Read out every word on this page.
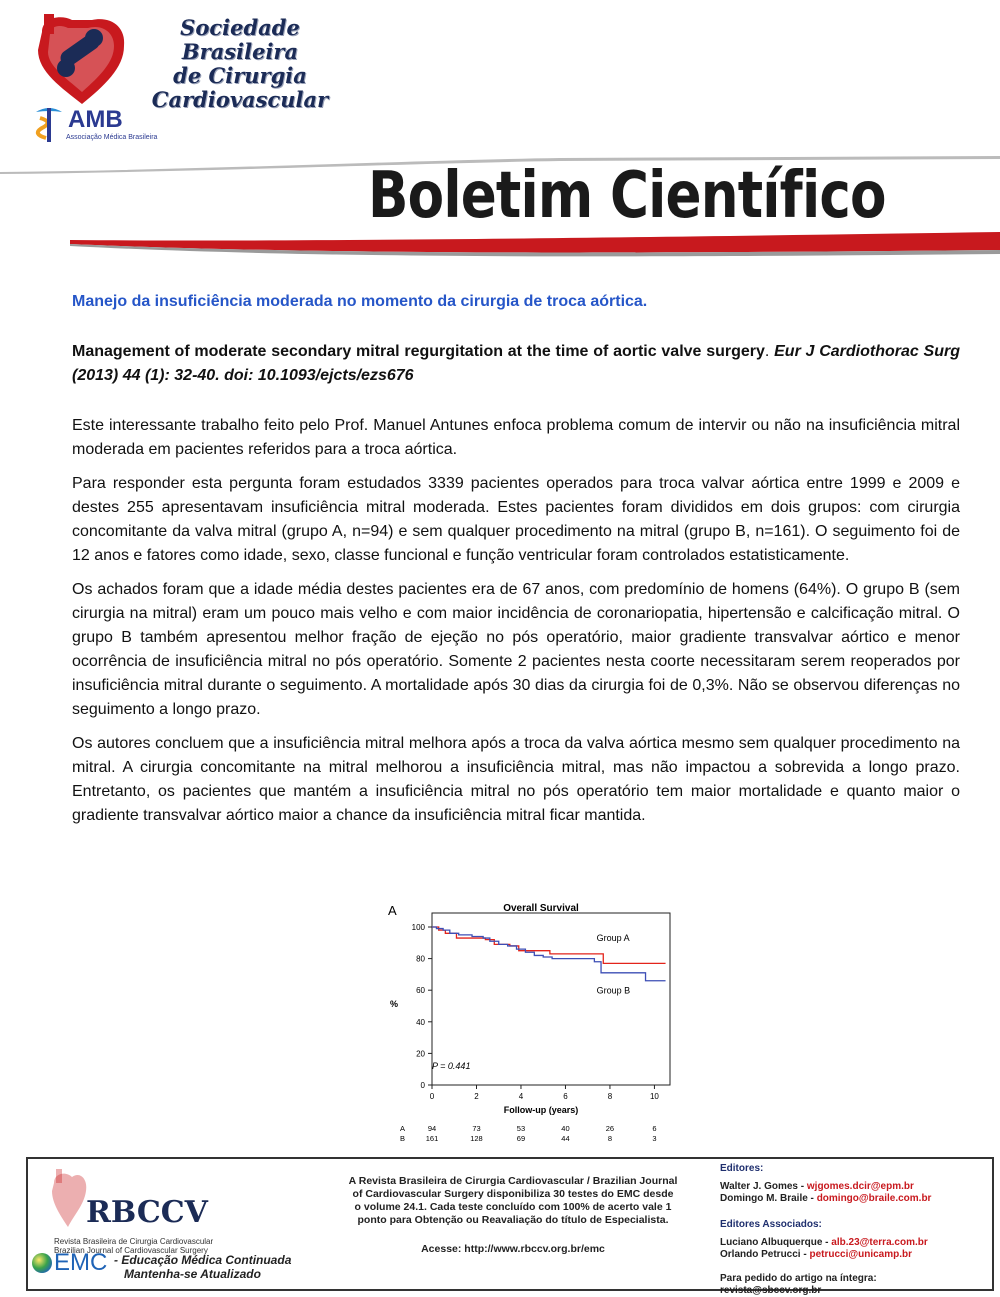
Sociedade Brasileira
de Cirurgia
Cardiovascular
AMB
Associação Médica Brasileira
Boletim Científico

Manejo da insuficiência moderada no momento da cirurgia de troca aórtica.

Management of moderate secondary mitral regurgitation at the time of aortic valve surgery. Eur J Cardiothorac Surg (2013) 44 (1): 32-40. doi: 10.1093/ejcts/ezs676

Este interessante trabalho feito pelo Prof. Manuel Antunes enfoca problema comum de intervir ou não na insuficiência mitral moderada em pacientes referidos para a troca aórtica.

Para responder esta pergunta foram estudados 3339 pacientes operados para troca valvar aórtica entre 1999 e 2009 e destes 255 apresentavam insuficiência mitral moderada. Estes pacientes foram divididos em dois grupos: com cirurgia concomitante da valva mitral (grupo A, n=94) e sem qualquer procedimento na mitral (grupo B, n=161). O seguimento foi de 12 anos e fatores como idade, sexo, classe funcional e função ventricular foram controlados estatisticamente.

Os achados foram que a idade média destes pacientes era de 67 anos, com predomínio de homens (64%). O grupo B (sem cirurgia na mitral) eram um pouco mais velho e com maior incidência de coronariopatia, hipertensão e calcificação mitral. O grupo B também apresentou melhor fração de ejeção no pós operatório, maior gradiente transvalvar aórtico e menor ocorrência de insuficiência mitral no pós operatório. Somente 2 pacientes nesta coorte necessitaram serem reoperados por insuficiência mitral durante o seguimento. A mortalidade após 30 dias da cirurgia foi de 0,3%. Não se observou diferenças no seguimento a longo prazo.

Os autores concluem que a insuficiência mitral melhora após a troca da valva aórtica mesmo sem qualquer procedimento na mitral. A cirurgia concomitante na mitral melhorou a insuficiência mitral, mas não impactou a sobrevida a longo prazo. Entretanto, os pacientes que mantém a insuficiência mitral no pós operatório tem maior mortalidade e quanto maior o gradiente transvalvar aórtico maior a chance da insuficiência mitral ficar mantida.

A	Overall Survival
0
20
40
60
80
100
%
0	2	4	6	8	10
Follow-up (years)
Group A
Group B
P = 0.441
A	94	73	53	40	26	6
B	161	128	69	44	8	3
RBCCV
Revista Brasileira de Cirurgia Cardiovascular
Brazilian Journal of Cardiovascular Surgery
EMC - Educação Médica Continuada
Mantenha-se Atualizado
A Revista Brasileira de Cirurgia Cardiovascular / Brazilian Journal of Cardiovascular Surgery disponibiliza 30 testes do EMC desde o volume 24.1. Cada teste concluído com 100% de acerto vale 1 ponto para Obtenção ou Reavaliação do título de Especialista.
Acesse: http://www.rbccv.org.br/emc
Editores:
Walter J. Gomes - wjgomes.dcir@epm.br
Domingo M. Braile - domingo@braile.com.br
Editores Associados:
Luciano Albuquerque - alb.23@terra.com.br
Orlando Petrucci - petrucci@unicamp.br
Para pedido do artigo na íntegra:
revista@sbccv.org.br
